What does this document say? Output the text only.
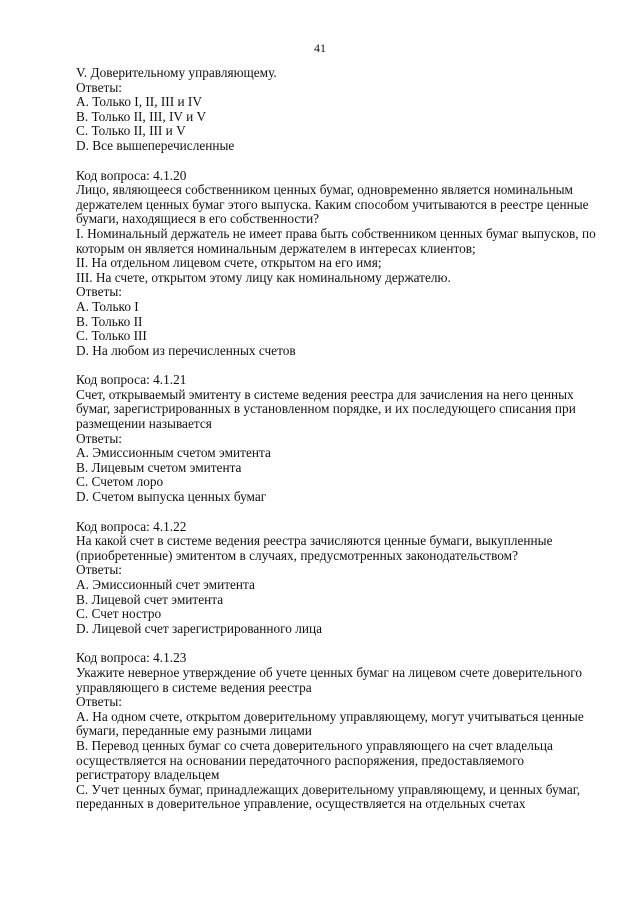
41
V. Доверительному управляющему.
Ответы:
A. Только I, II, III и IV
B. Только II, III, IV и V
C. Только II, III и V
D. Все вышеперечисленные
Код вопроса: 4.1.20
Лицо, являющееся собственником ценных бумаг, одновременно является номинальным
держателем ценных бумаг этого выпуска. Каким способом учитываются в реестре ценные
бумаги, находящиеся в его собственности?
I. Номинальный держатель не имеет права быть собственником ценных бумаг выпусков, по
которым он является номинальным держателем в интересах клиентов;
II. На отдельном лицевом счете, открытом на его имя;
III. На счете, открытом этому лицу как номинальному держателю.
Ответы:
A. Только I
B. Только II
C. Только III
D. На любом из перечисленных счетов
Код вопроса: 4.1.21
Счет, открываемый эмитенту в системе ведения реестра для зачисления на него ценных
бумаг, зарегистрированных в установленном порядке, и их последующего списания при
размещении называется
Ответы:
A. Эмиссионным счетом эмитента
B. Лицевым счетом эмитента
C. Счетом лоро
D. Счетом выпуска ценных бумаг
Код вопроса: 4.1.22
На какой счет в системе ведения реестра зачисляются ценные бумаги, выкупленные
(приобретенные) эмитентом в случаях, предусмотренных законодательством?
Ответы:
A. Эмиссионный счет эмитента
B. Лицевой счет эмитента
C. Счет ностро
D. Лицевой счет зарегистрированного лица
Код вопроса: 4.1.23
Укажите неверное утверждение об учете ценных бумаг на лицевом счете доверительного
управляющего в системе ведения реестра
Ответы:
A. На одном счете, открытом доверительному управляющему, могут учитываться ценные
бумаги, переданные ему разными лицами
B. Перевод ценных бумаг со счета доверительного управляющего на счет владельца
осуществляется на основании передаточного распоряжения, предоставляемого
регистратору владельцем
C. Учет ценных бумаг, принадлежащих доверительному управляющему, и ценных бумаг,
переданных в доверительное управление, осуществляется на отдельных счетах
